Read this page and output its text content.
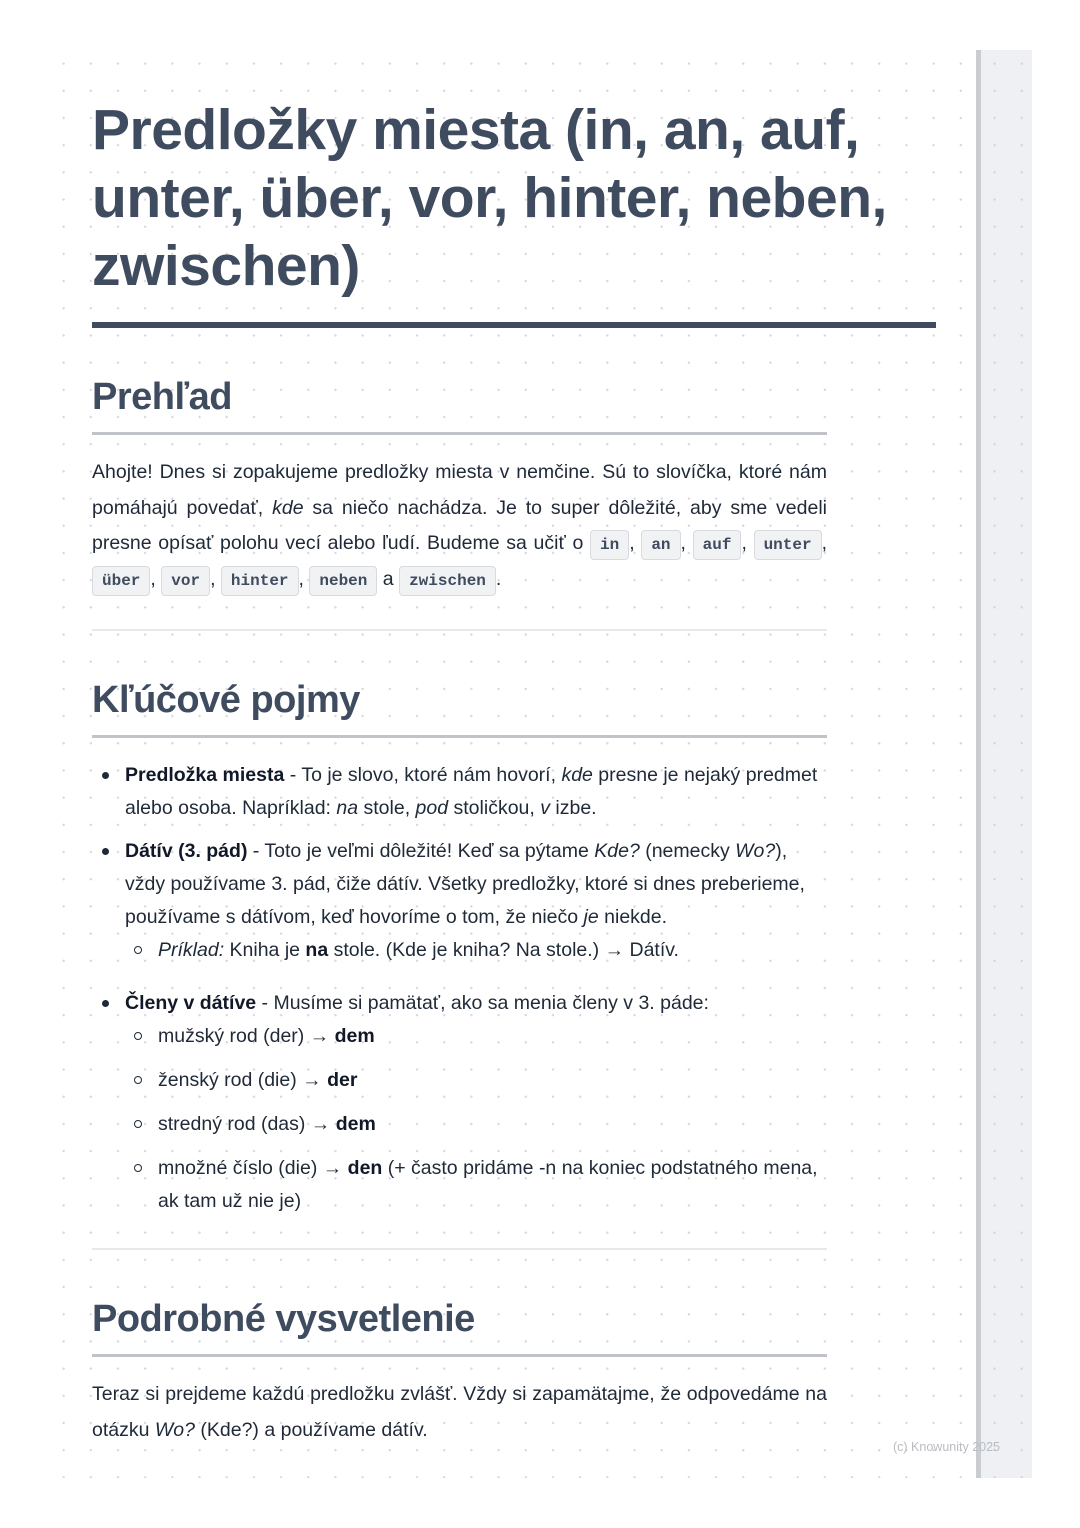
Predložky miesta (in, an, auf,
unter, über, vor, hinter, neben,
zwischen)
Prehľad

Ahojte! Dnes si zopakujeme predložky miesta v nemčine. Sú to slovíčka, ktoré nám pomáhajú povedať, kde sa niečo nachádza. Je to super dôležité, aby sme vedeli presne opísať polohu vecí alebo ľudí. Budeme sa učiť o in , an , auf , unter , über , vor , hinter , neben a zwischen .

Kľúčové pojmy
Predložka miesta - To je slovo, ktoré nám hovorí, kde presne je nejaký predmet alebo osoba. Napríklad: na stole, pod stoličkou, v izbe.
Dátív (3. pád) - Toto je veľmi dôležité! Keď sa pýtame Kde? (nemecky Wo?), vždy používame 3. pád, čiže dátív. Všetky predložky, ktoré si dnes preberieme, používame s dátívom, keď hovoríme o tom, že niečo je niekde.
Príklad: Kniha je na stole. (Kde je kniha? Na stole.) → Dátív.
Členy v dátíve - Musíme si pamätať, ako sa menia členy v 3. páde:
mužský rod (der) → dem
ženský rod (die) → der
stredný rod (das) → dem
množné číslo (die) → den (+ často pridáme -n na koniec podstatného mena, ak tam už nie je)
Podrobné vysvetlenie

Teraz si prejdeme každú predložku zvlášť. Vždy si zapamätajme, že odpovedáme na otázku Wo? (Kde?) a používame dátív.

(c) Knowunity 2025
